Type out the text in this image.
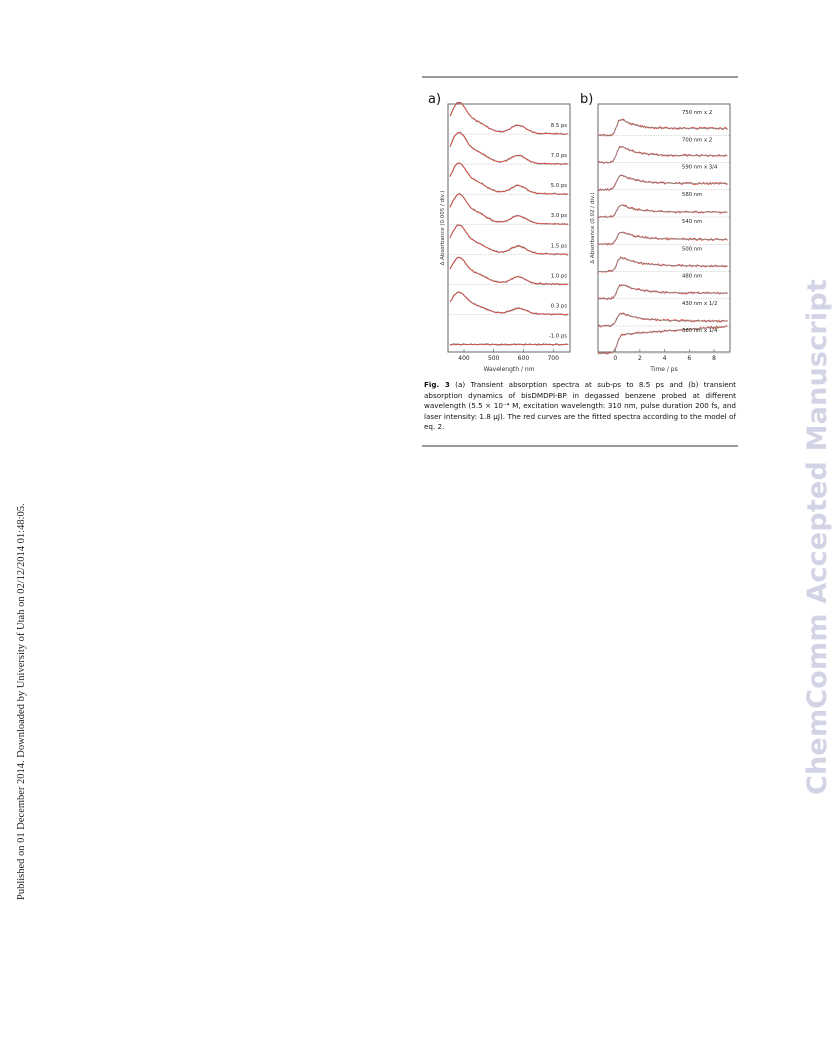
Published on 01 December 2014. Downloaded by University of Utah on 02/12/2014 01:48:05.	ChemComm Accepted Manuscript
a)
Δ Absorbance (0.005 / div.)
8.5 ps
7.0 ps
5.0 ps
3.0 ps
1.5 ps
1.0 ps
0.3 ps
-1.0 ps
400	500	600	700
Wavelength / nm
b)
Δ Absorbance (0.02 / div.)
750 nm x 2
700 nm x 2
590 nm x 3/4
580 nm
540 nm
500 nm
480 nm
430 nm x 1/2
380 nm x 1/4
0	2	4	6	8
Time / ps
Fig. 3 (a) Transient absorption spectra at sub-ps to 8.5 ps and (b) transient absorption dynamics of bisDMDPI-BP in degassed benzene probed at different wavelength (5.5 × 10⁻⁴ M, excitation wavelength: 310 nm, pulse duration 200 fs, and laser intensity: 1.8 μJ). The red curves are the fitted spectra according to the model of eq. 2.
